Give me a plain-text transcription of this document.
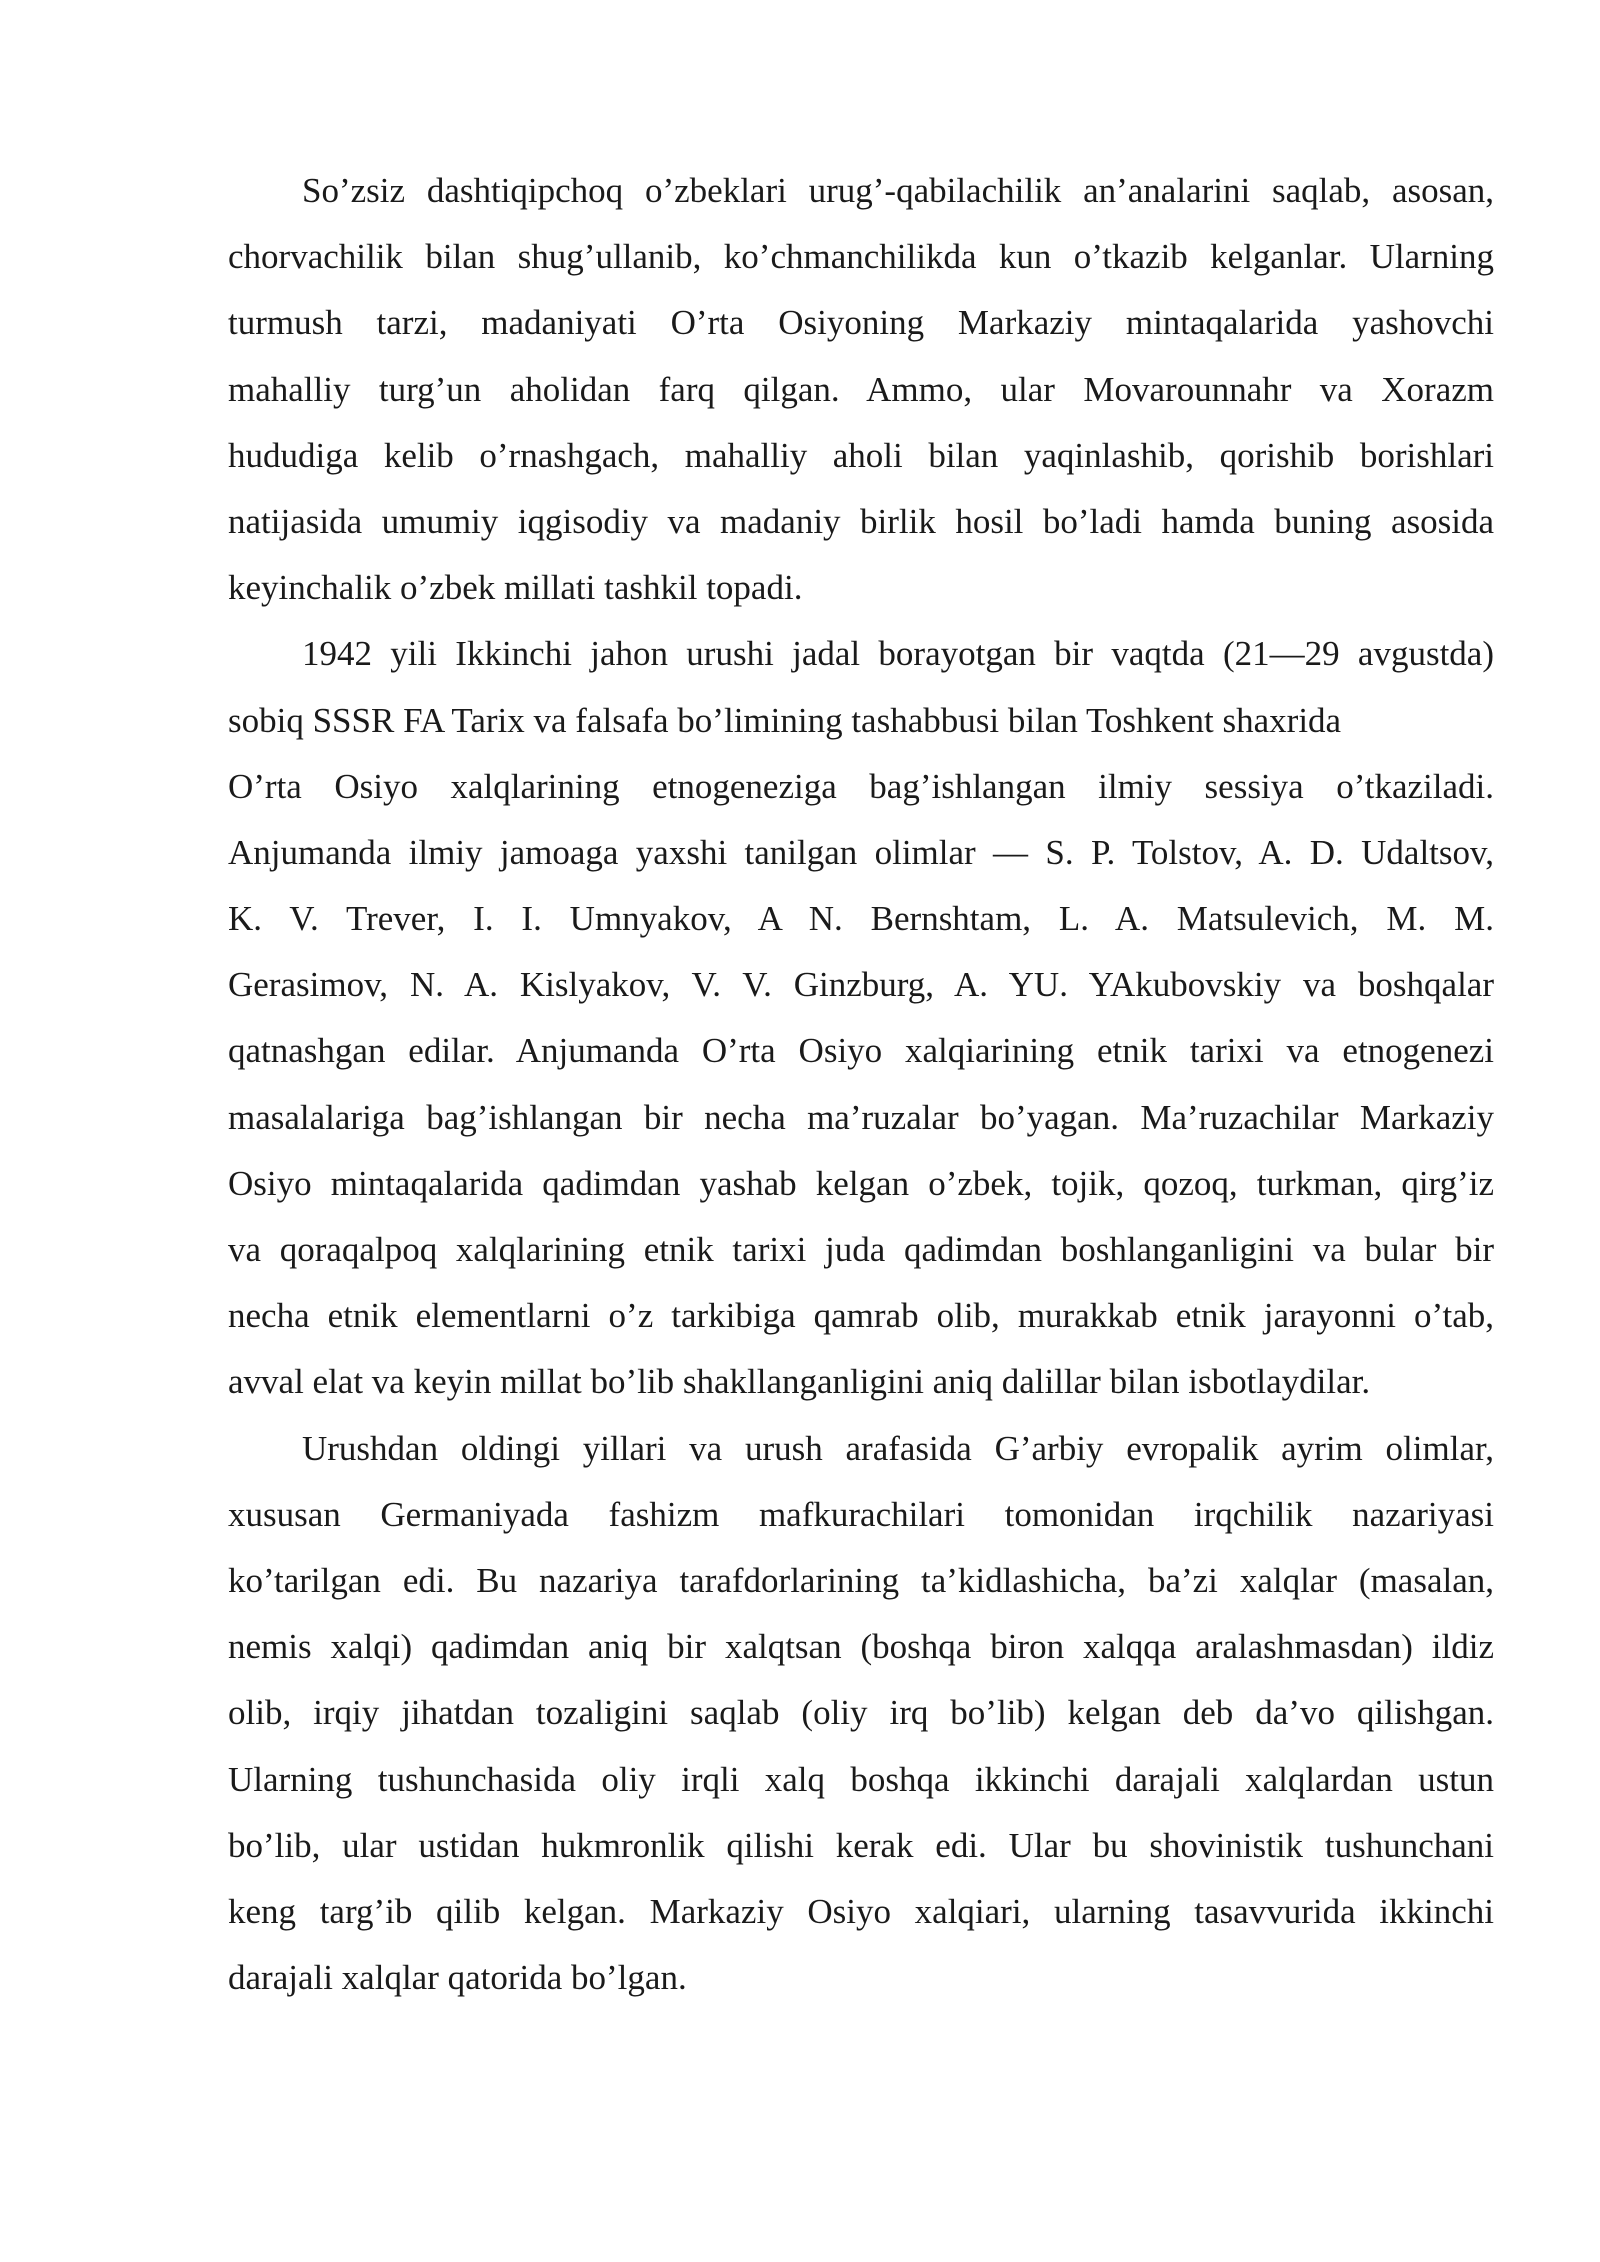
So’zsiz dashtiqipchoq o’zbeklari urug’-qabilachilik an’analarini saqlab, asosan,
chorvachilik bilan shug’ullanib, ko’chmanchilikda kun o’tkazib kelganlar. Ularning
turmush tarzi, madaniyati O’rta Osiyoning Markaziy mintaqalarida yashovchi
mahalliy turg’un aholidan farq qilgan. Ammo, ular Movarounnahr va Xorazm
hududiga kelib o’rnashgach, mahalliy aholi bilan yaqinlashib, qorishib borishlari
natijasida umumiy iqgisodiy va madaniy birlik hosil bo’ladi hamda buning asosida
keyinchalik o’zbek millati tashkil topadi.

1942 yili Ikkinchi jahon urushi jadal borayotgan bir vaqtda (21—29 avgustda)
sobiq SSSR FA Tarix va falsafa bo’limining tashabbusi bilan Toshkent shaxrida
O’rta Osiyo xalqlarining etnogeneziga bag’ishlangan ilmiy sessiya o’tkaziladi.
Anjumanda ilmiy jamoaga yaxshi tanilgan olimlar — S. P. Tolstov, A. D. Udaltsov,
K. V. Trever, I. I. Umnyakov, A N. Bernshtam, L. A. Matsulevich, M. M.
Gerasimov, N. A. Kislyakov, V. V. Ginzburg, A. YU. YAkubovskiy va boshqalar
qatnashgan edilar. Anjumanda O’rta Osiyo xalqiarining etnik tarixi va etnogenezi
masalalariga bag’ishlangan bir necha ma’ruzalar bo’yagan. Ma’ruzachilar Markaziy
Osiyo mintaqalarida qadimdan yashab kelgan o’zbek, tojik, qozoq, turkman, qirg’iz
va qoraqalpoq xalqlarining etnik tarixi juda qadimdan boshlanganligini va bular bir
necha etnik elementlarni o’z tarkibiga qamrab olib, murakkab etnik jarayonni o’tab,
avval elat va keyin millat bo’lib shakllanganligini aniq dalillar bilan isbotlaydilar.

Urushdan oldingi yillari va urush arafasida G’arbiy evropalik ayrim olimlar,
xususan Germaniyada fashizm mafkurachilari tomonidan irqchilik nazariyasi
ko’tarilgan edi. Bu nazariya tarafdorlarining ta’kidlashicha, ba’zi xalqlar (masalan,
nemis xalqi) qadimdan aniq bir xalqtsan (boshqa biron xalqqa aralashmasdan) ildiz
olib, irqiy jihatdan tozaligini saqlab (oliy irq bo’lib) kelgan deb da’vo qilishgan.
Ularning tushunchasida oliy irqli xalq boshqa ikkinchi darajali xalqlardan ustun
bo’lib, ular ustidan hukmronlik qilishi kerak edi. Ular bu shovinistik tushunchani
keng targ’ib qilib kelgan. Markaziy Osiyo xalqiari, ularning tasavvurida ikkinchi
darajali xalqlar qatorida bo’lgan.
